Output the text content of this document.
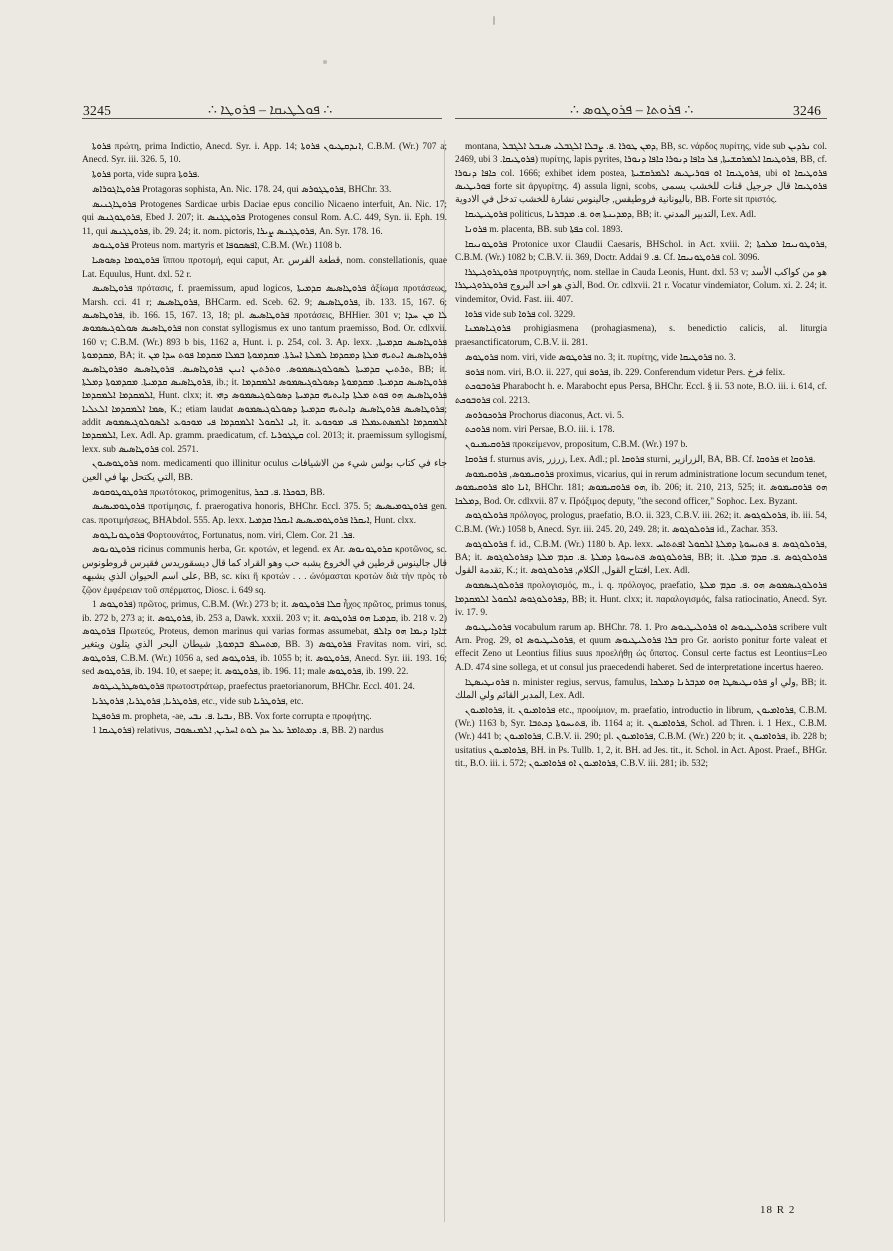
3245	∴ ܦܘܠܛܝܩܐ – ܦܪܘܛܐ ∴	∴ ܦܪܘܬܐ – ܦܪܘܛܘܣ ∴	3246

ܦܪܘܬܐ πρώτη, prima Indictio, Anecd. Syr. i. App. 14; ܐܢܕܩܛܝܘܢ ܦܪܘܬܐ, C.B.M. (Wr.) 707 a; Anecd. Syr. iii. 326. 5, 10.

ܦܪܘܬܐ porta, vide supra ܦܪܘܬܐ.

ܦܪܘܛܐܓܘܪܐܣ Protagoras sophista, An. Nic. 178. 24, qui ܦܪܘܛܓܘܪܣ, BHChr. 33.

ܦܪܘܛܐܓܢܝܣ Protogenes Sardicae urbis Daciae epus concilio Nicaeno interfuit, An. Nic. 17; qui ܦܪܘܛܘܓܢܣ, Ebed J. 207; it. ܦܪܘܛܓܢܣ Protogenes consul Rom. A.C. 449, Syn. ii. Eph. 19. 11, qui ܦܪܘܛܓܢܣ, ib. 29. 24; it. nom. pictoris, ܦܪܘܛܓܢܣ ܨܝܪܐ, An. Syr. 178. 16.

ܦܪܘܛܝܘܣ Proteus nom. martyris et ܐܦܣܩܘܦܐ, C.B.M. (Wr.) 1108 b.

ܦܪܘܛܘܡܐ ܕܣܘܣܝܐ ἵππου προτομή, equi caput, Ar. قطعة الفرس, nom. constellationis, quae Lat. Equulus, Hunt. dxl. 52 r.

ܦܪܘܛܐܣܝܣ πρότασις, f. praemissum, apud logicos, ܦܪܘܛܐܣܝܣ ܩܕܡܝܬܐ ἀξίωμα προτάσεως, Marsh. cci. 41 r; ܦܪܘܛܐܣܝܣ, BHCarm. ed. Sceb. 62. 9; ܦܪܘܛܐܣܝܣ, ib. 133. 15, 167. 6; ܦܪܘܛܐܣܝܣ, ib. 166. 15, 167. 13, 18; pl. ܦܪܘܛܐܣܝܣ προτάσεις, BHHier. 301 v; ܠܐ ܡܢ ܚܕܐ ܦܪܘܛܐܣܝܣ ܣܘܠܘܓܝܣܡܘܣ non constat syllogismus ex uno tantum praemisso, Bod. Or. cdlxvii. 160 v; C.B.M. (Wr.) 893 b bis, 1162 a, Hunt. i. p. 254, col. 3. Ap. lexx. ܦܪܘܛܐܣܝܣ ܩܕܡܝܬܐ, ܡܩܕܡܘܬܐ, BA; it. ܦܪܘܛܐܣܝܣ ܐܝܬܝܗ ܡܠܬܐ ܕܡܩܕܡܐ ܠܡܠܬܐ ܐܚܪܬܐ. ܡܩܕܡܘܬܐ ܒܡܠܐ ܡܩܕܡܐ ܦܘܬ ܚܕܐ ܡܢ ܬܪܬܝܢ ܩܕܡܝܬܐ ܠܣܘܠܘܓܝܣܡܘܣ. ܘܬܪܬܝܢ ܐܢܝܢ ܦܪܘܛܐܣܝܣ. ܦܪܘܛܐܣܝܣ ܘܦܪܘܛܐܣܝܣ, BB; it. ܦܪܘܛܐܣܝܣ ܩܕܡܝܬܐ. ܡܩܕܡܘܬܐ ܕܡܠܬܐ, ib.; it. ܦܪܘܛܐܣܝܣ ܩܕܡܝܬܐ. ܡܩܕܡܘܬܐ ܕܣܘܠܘܓܝܣܡܘܣ ܐܠܡܩܕܡܐ ܐܠܡܩܕܡܐ ܐܠܡܩܕܡܐ, Hunt. clxx; it. ܦܪܘܛܐܣܝܣ ܗܘ ܦܘܬ ܡܠܬܐ ܕܐܝܬܝܗ ܩܕܡܝܬܐ ܕܣܘܠܘܓܝܣܡܘܣ ܕܗܝ ܣܡܐ ܐܠܡܩܕܡܐ ܐܠܥܠܝܐ, K.; etiam laudat ܦܪܘܛܐܣܝܣ ܦܪܘܛܐܣܝܣ ܕܐܝܬܝܗ ܩܕܡܝܬܐ ܕܣܘܠܘܓܝܣܡܘܣ; addit ܐܝ ܐܠܩܘܠ ܐܠܡܩܕܡܐ ܦܝ ܡܘܟܘܥ ܐܠܣܘܠܘܓܝܣܡܘܣ, it. ܐܠܡܩܕܡܐ ܐܠܡܣܬܥܡܠܐ ܦܝ ܡܘܟܘܥ ܐܠܡܩܕܡܐ, Lex. Adl. Ap. gramm. praedicatum, cf. ܩܛܓܘܪܝܐ col. 2013; it. praemissum syllogismi, lexx. sub ܦܪܘܛܐܣܝܣ col. 2571.

ܦܪܘܛܘܣܝܘܢ nom. medicamenti quo illinitur oculus جاء في كتاب بولس شيء من الاشيافات التي يكتحل بها في العين, BB.

ܦܪܘܛܘܛܘܩܘܣ πρωτότοκος, primogenitus, ܒܘܟܪܐ .ܦ. ܒܟܪ, BB.

ܦܪܘܛܘܡܝܣܝܣ προτίμησις, f. praerogativa honoris, BHChr. Eccl. 375. 5; ܦܪܘܛܘܡܝܣܝܣ gen. cas. προτιμήσεως, BHAbdol. 555. Ap. lexx. ܐܝܩܪܐ ܦܪܘܛܘܡܝܣܝܣ ܐܝܩܪܐ ܩܕܡܝܐ, Hunt. clxx.

ܦܪܘܛܘܢܐܛܘܣ Φορτουνάτος, Fortunatus, nom. viri, Clem. Cor. ܦܪ. 21.

ܦܪܘܛܘܢܘܣ ricinus communis herba, Gr. κροτών, et legend. ex Ar. ܩܪܘܛܘܢܘܣ κροτῶνος, sc. قال جالينوس قرطين في الخروع يشبه حب وهو القراد كما قال ديسقوريدس فقيرس قروطونوس على اسم الحيوان الذي يشبهه, BB, sc. κίκι ἢ κροτών . . . ὠνόμασται κροτὼν διὰ τὴν πρὸς τὸ ζῷον ἐμφέρειαν τοῦ σπέρματος, Diosc. i. 649 sq.

ܦܪܘܛܘܣ 1) πρῶτος, primus, C.B.M. (Wr.) 273 b; it. ܩܠܐ ܦܪܘܛܘܣ ἦχος πρῶτος, primus tonus, ib. 272 b, 273 a; it. ܦܪܘܛܘܣ, ib. 253 a, Dawk. xxxii. 203 v; it. ܩܕܡܝܐ ܗܘ ܦܪܘܛܘܣ, ib. 218 v. 2) ܦܪܘܛܘܣ Πρωτεύς, Proteus, demon marinus qui varias formas assumebat, ܫܐܕܐ ܕܝܡܐ ܗܘ ܕܐܠܦ ܡܬܚܠܦ ܒܕܡܘܬܐ, شيطان البحر الذي يتلون ويتغير, BB. 3) ܦܪܘܛܘܣ Fravitas nom. viri, sc. ܦܪܘܛܘܣ, C.B.M. (Wr.) 1056 a, sed ܦܪܘܛܘܣ, ib. 1055 b; it. ܦܪܘܛܘܣ, Anecd. Syr. iii. 193. 16; sed ܦܪܘܛܘܣ, ib. 194. 10, et saepe; it. ܦܪܘܛܘܣ, ib. 196. 11; male ܦܪܘܛܘܣ, ib. 199. 22.

ܦܪܘܛܘܣܛܪܛܝܛܘܣ πρωτοστράτωρ, praefectus praetorianorum, BHChr. Eccl. 401. 24.

ܦܪܘܛܪܝܐ, ܦܪܘܛܪܝܐ, ܦܪܘܛܪܝܐ, etc., vide sub ܦܪܘܛܪܝܐ, etc.

ܦܪܘܦܛܐ m. propheta, -ae, ܢܒܝܐ .ܦ. ܢܒܝ, BB. Vox forte corrupta e προφήτης.

ܦܪܘܛܝܩܐ 1) relativus, ܦ. ܕܡܬܐܡܪ ܥܠ ܚܕ ܠܘܬ ܐܚܪܝܢ, ܐܠܡܢܣܘܒ, BB. 2) nardus

montana, ܕܡܢ ܛܘܪܐ .ܦ. ܨܒܠܐ ܐܠܓܒܠܝ ܣܢܒܠ ܐܠܓܒܠ, BB, sc. νάρδος πυρίτης, vide sub ܢܪܕܝܢ col. 2469, ubi ܦܪܘܛܝܩܐ. 3) πυρίτης, lapis pyrites, ܦܪܘܛܝܩܐ ܐܠܡܪܩܫܝܬܐ, ܦܠ ܟܐܦܐ ܕܢܘܪܐ ܟܐܦܐ ܕܢܘܪܐ, BB, cf. ܟܐܦܐ ܕܢܘܪܐ col. 1666; exhibet idem postea, ܦܪܘܛܝܩܐ ܐܘ ܦܘܪܝܛܝܣ ܐܠܡܪܩܫܝܬܐ, ubi ܦܪܘܛܝܩܐ ܐܘ ܦܘܪܝܛܝܣ forte sit ἀργυρίτης. 4) assula ligni, scobs, ܦܪܘܛܝܩܐ قال جرجيل قنات للخشب يسمى باليونانية فروطيقس, جالينوس نشارة للخشب تدخل في الادوية, BB. Forte sit πριστός.

ܦܪܘܛܝܛܝܩܐ politicus, ܕܡܕܝܢܬܐ ܗܘ .ܦ. ܡܕܒܪܢܐ, BB; it. التدبير المدني, Lex. Adl.

ܦܪܘܢܐ m. placenta, BB. sub ܟܦܬܐ col. 1893.

ܦܪܘܛܘܢܝܩܐ Protonice uxor Claudii Caesaris, BHSchol. in Act. xviii. 2; ܦܪܘܛܘܢܝܩܐ ܡܠܟܬܐ, C.B.M. (Wr.) 1082 b; C.B.V. ii. 369, Doctr. Addai ܦ. 9. Cf. ܦܪܘܛܘܢܝܩܐ col. 3096.

ܦܪܘܛܪܘܓܝܛܪܐ προτρυγητής, nom. stellae in Cauda Leonis, Hunt. dxl. 53 v; هو من كواكب الأسد الذي هو احد البروج ܦܪܘܛܪܘܓܝܛܪܐ, Bod. Or. cdlxvii. 21 r. Vocatur vindemiator, Colum. xi. 2. 24; it. vindemitor, Ovid. Fast. iii. 407.

ܦܪܘܐ vide sub ܦܪܘܐ col. 3229.

ܦܪܘܓܝܐܣܡܢܐ prohigiasmena (prohagiasmena), s. benedictio calicis, al. liturgia praesanctificatorum, C.B.V. ii. 281.

ܦܪܘܛܘܣ nom. viri, vide ܦܪܘܛܘܣ no. 3; it. πυρίτης, vide ܦܪܘܛܝܩܐ no. 3.

ܦܪܘܦ nom. viri, B.O. ii. 227, qui ܦܪܘܦ, ib. 229. Conferendum videtur Pers. فرخ felix.

ܦܪܘܒܘܟܬ Pharabocht h. e. Marabocht epus Persa, BHChr. Eccl. § ii. 53 note, B.O. iii. i. 614, cf. ܦܪܘܒܘܟܬ col. 2213.

ܦܪܘܟܘܪܘܣ Prochorus diaconus, Act. vi. 5.

ܦܪܘܟܬ nom. viri Persae, B.O. iii. i. 178.

ܦܪܘܩܝܡܢܘܢ προκείμενον, propositum, C.B.M. (Wr.) 197 b.

ܦܪܘܩܐ f. sturnus avis, زرزر, Lex. Adl.; pl. ܦܪܘܩܐ sturni, الزرازير, BA, BB. Cf. ܦܪܘܩܐ et ܦܪܘܩܐ.

ܦܪܘܩܝܡܘܣ, ܦܪܘܩܝܡܘܣ proximus, vicarius, qui in rerum administratione locum secundum tenet, ܐܢܐ ܘܐܦ ܦܪܘܩܝܡܘܣ, BHChr. 181; ܗܘ ܦܪܘܩܝܡܘܣ, ib. 206; it. 210, 213, 525; it. ܗܘ ܦܪܘܩܝܡܘܣ ܕܡܠܟܐ, Bod. Or. cdlxvii. 87 v. Πρόξιμος deputy, "the second officer," Sophoc. Lex. Byzant.

ܦܪܘܠܘܓܘܣ πρόλογος, prologus, praefatio, B.O. ii. 323, C.B.V. iii. 262; it. ܦܪܘܠܘܓܘܣ, ib. iii. 54, C.B.M. (Wr.) 1058 b, Anecd. Syr. iii. 245. 20, 249. 28; it. ܦܪܘܠܘܓܘܣ id., Zachar. 353.

ܦܪܘܠܘܓܘܣ f. id., C.B.M. (Wr.) 1180 b. Ap. lexx. ܦܪܘܠܘܓܘܣ .ܦ ܦܬܝܚܘܬܐ ܕܡܠܬܐ ܐܠܩܘܠ ܐܦܬܬܐܚ, BA; it. ܦܪܘܠܘܓܘܣ ܦܬܝܚܘܬܐ ܕܡܠܬܐ .ܦ. ܩܕܡ ܡܠܬܐ ܕܦܪܘܠܘܓܘܣ, BB; it. ܦܪܘܠܘܓܘܣ .ܦ. ܩܕܡ ܡܠܬܐ. تقدمة القول, K.; it. افتتاح القول, الكلام, ܦܪܘܠܘܓܘܣ, Lex. Adl.

ܦܪܘܠܘܓܝܣܡܘܣ προλογισμός, m., i. q. πρόλογος, praefatio, ܦܪܘܠܘܓܝܣܡܘܣ ܗܘ .ܦ. ܩܕܡ ܡܠܬܐ ܕܦܪܘܠܘܓܘܣ ܐܠܩܘܠ ܐܠܡܩܕܡܐ, BB; it. Hunt. clxx; it. παραλογισμός, falsa ratiocinatio, Anecd. Syr. iv. 17. 9.

ܦܪܘܠܝܛܝܘܣ vocabulum rarum ap. BHChr. 78. 1. Pro ܦܪܘܠܝܛܝܘܣ ܐܘ ܦܪܘܠܝܛܝܘܣ scribere vult Arn. Prog. 29, ܦܪܘܠܝܛܝܘܣ ܐܘ, et quum ܒܪܐ ܦܪܘܠܝܛܝܘܣ pro Gr. aoristo ponitur forte valeat et effecit Zeno ut Leontius filius suus προελήθῃ ὡς ὕπατος. Consul certe factus est Leontius=Leo A.D. 474 sine sollega, et ut consul jus praecedendi haberet. Sed de interpretatione incertus haereo.

ܦܪܘܢܛܝܣܛܐ n. minister regius, servus, famulus, ولي او ܦܪܘܢܛܝܣܛܐ ܗܘ ܡܕܒܪܢܐ ܕܡܠܟܐ, BB; it. المدبر القائم ولي الملك, Lex. Adl.

ܦܪܘܐܡܝܘܢ, it. ܦܪܘܐܡܝܘܢ etc., προοίμιον, m. praefatio, introductio in librum, ܦܪܘܐܡܝܘܢ, C.B.M. (Wr.) 1163 b, Syr. ܦܬܝܚܘܬܐ ܕܟܬܒܐ, ib. 1164 a; it. ܦܪܘܐܡܝܘܢ, Schol. ad Thren. i. 1 Hex., C.B.M. (Wr.) 441 b; ܦܪܘܐܡܝܘܢ, C.B.V. ii. 290; pl. ܦܪܘܐܡܝܘܢ, C.B.M. (Wr.) 220 b; it. ܦܪܘܐܡܝܘܢ, ib. 228 b; usitatius ܦܪܘܐܡܝܘܢ, BH. in Ps. Tullb. 1, 2, it. BH. ad Jes. tit., it. Schol. in Act. Apost. Praef., BHGr. tit., B.O. iii. i. 572; ܦܪܘܐܡܝܘܢ ܐܘ ܦܪܘܐܡܝܘܢ, C.B.V. iii. 281; ib. 532;

18 R 2
